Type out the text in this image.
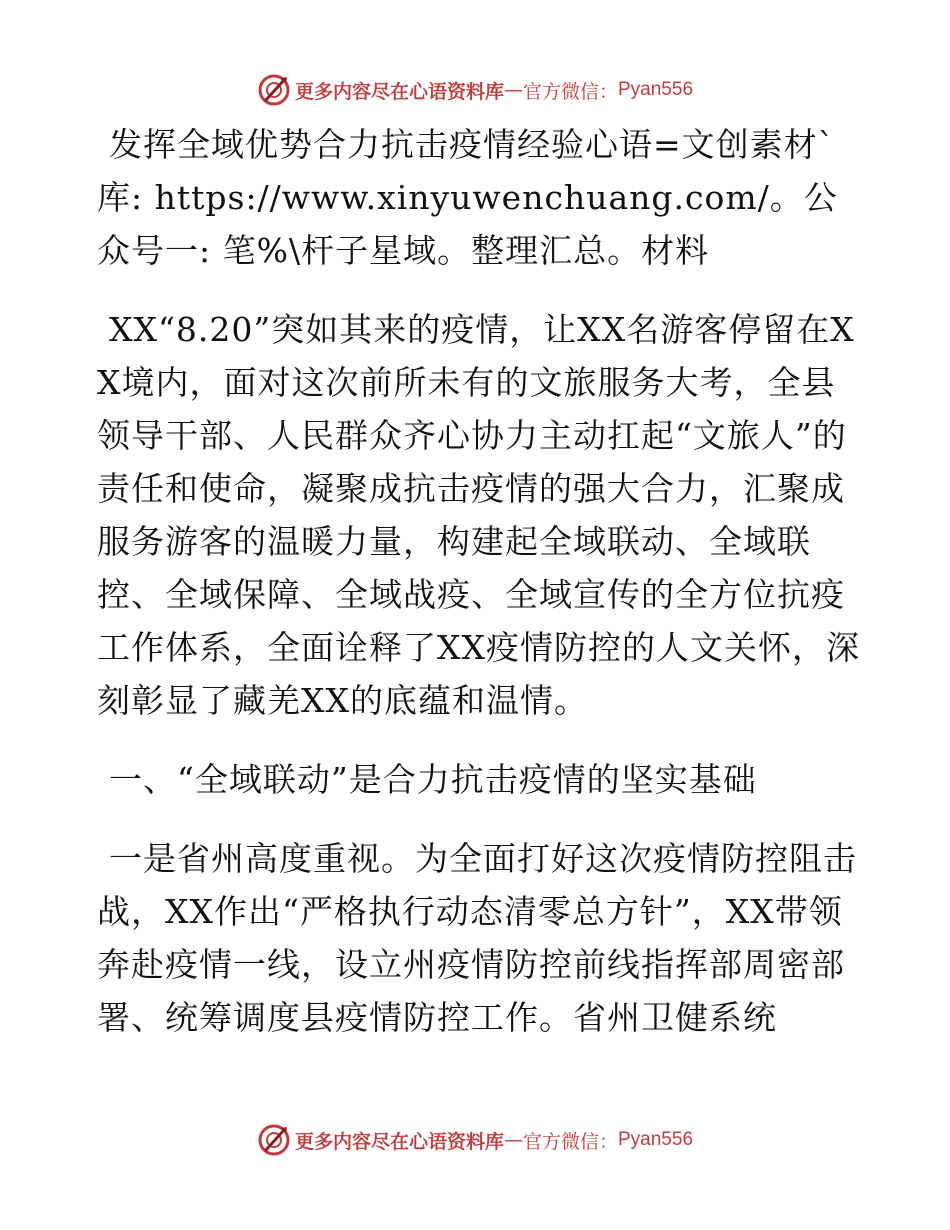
更多内容尽在心语资料库 — 官方微信： Pyan556

发挥全域优势合力抗击疫情经验心语=文创素材`库: https://www.xinyuwenchuang.com/。公众号一: 笔%\杆子星域。整理汇总。材料

XX“8.20”突如其来的疫情，让XX名游客停留在XX境内，面对这次前所未有的文旅服务大考，全县领导干部、人民群众齐心协力主动扛起“文旅人”的责任和使命，凝聚成抗击疫情的强大合力，汇聚成服务游客的温暖力量，构建起全域联动、全域联控、全域保障、全域战疫、全域宣传的全方位抗疫工作体系，全面诠释了XX疫情防控的人文关怀，深刻彰显了藏羌XX的底蕴和温情。

一、“全域联动”是合力抗击疫情的坚实基础

一是省州高度重视。为全面打好这次疫情防控阻击战，XX作出“严格执行动态清零总方针”，XX带领奔赴疫情一线，设立州疫情防控前线指挥部周密部署、统筹调度县疫情防控工作。省州卫健系统

更多内容尽在心语资料库 — 官方微信： Pyan556
